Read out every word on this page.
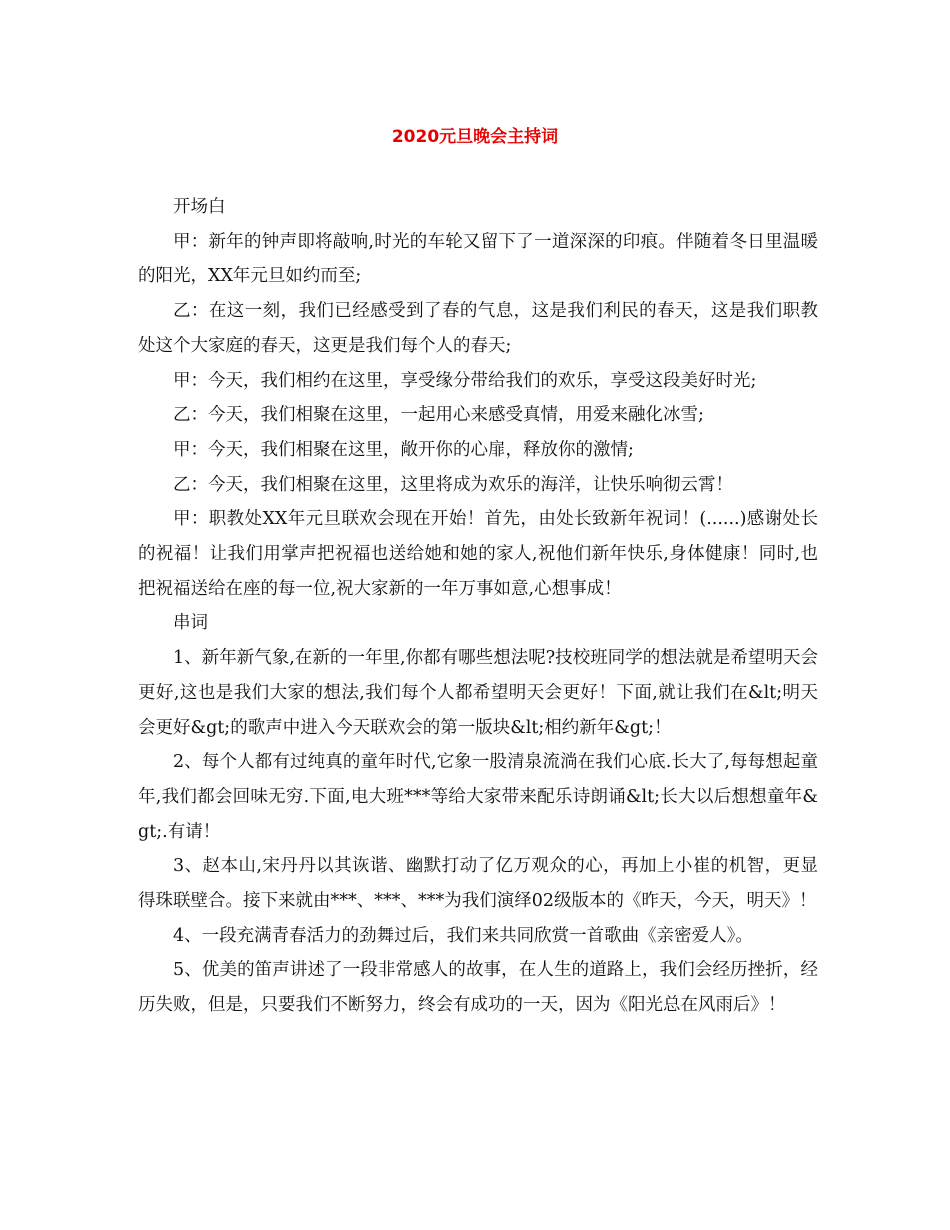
2020元旦晚会主持词

开场白

甲：新年的钟声即将敲响,时光的车轮又留下了一道深深的印痕。伴随着冬日里温暖的阳光，XX年元旦如约而至;

乙：在这一刻，我们已经感受到了春的气息，这是我们利民的春天，这是我们职教处这个大家庭的春天，这更是我们每个人的春天;

甲：今天，我们相约在这里，享受缘分带给我们的欢乐，享受这段美好时光;

乙：今天，我们相聚在这里，一起用心来感受真情，用爱来融化冰雪;

甲：今天，我们相聚在这里，敞开你的心扉，释放你的激情;

乙：今天，我们相聚在这里，这里将成为欢乐的海洋，让快乐响彻云霄！

甲：职教处XX年元旦联欢会现在开始！首先，由处长致新年祝词！(......)感谢处长的祝福！让我们用掌声把祝福也送给她和她的家人,祝他们新年快乐,身体健康！同时,也把祝福送给在座的每一位,祝大家新的一年万事如意,心想事成！

串词

1、新年新气象,在新的一年里,你都有哪些想法呢?技校班同学的想法就是希望明天会更好,这也是我们大家的想法,我们每个人都希望明天会更好！下面,就让我们在&lt;明天会更好&gt;的歌声中进入今天联欢会的第一版块&lt;相约新年&gt;！

2、每个人都有过纯真的童年时代,它象一股清泉流淌在我们心底.长大了,每每想起童年,我们都会回味无穷.下面,电大班***等给大家带来配乐诗朗诵&lt;长大以后想想童年&gt;.有请！

3、赵本山,宋丹丹以其诙谐、幽默打动了亿万观众的心，再加上小崔的机智，更显得珠联壁合。接下来就由***、***、***为我们演绎02级版本的《昨天，今天，明天》！

4、一段充满青春活力的劲舞过后，我们来共同欣赏一首歌曲《亲密爱人》。

5、优美的笛声讲述了一段非常感人的故事，在人生的道路上，我们会经历挫折，经历失败，但是，只要我们不断努力，终会有成功的一天，因为《阳光总在风雨后》！
